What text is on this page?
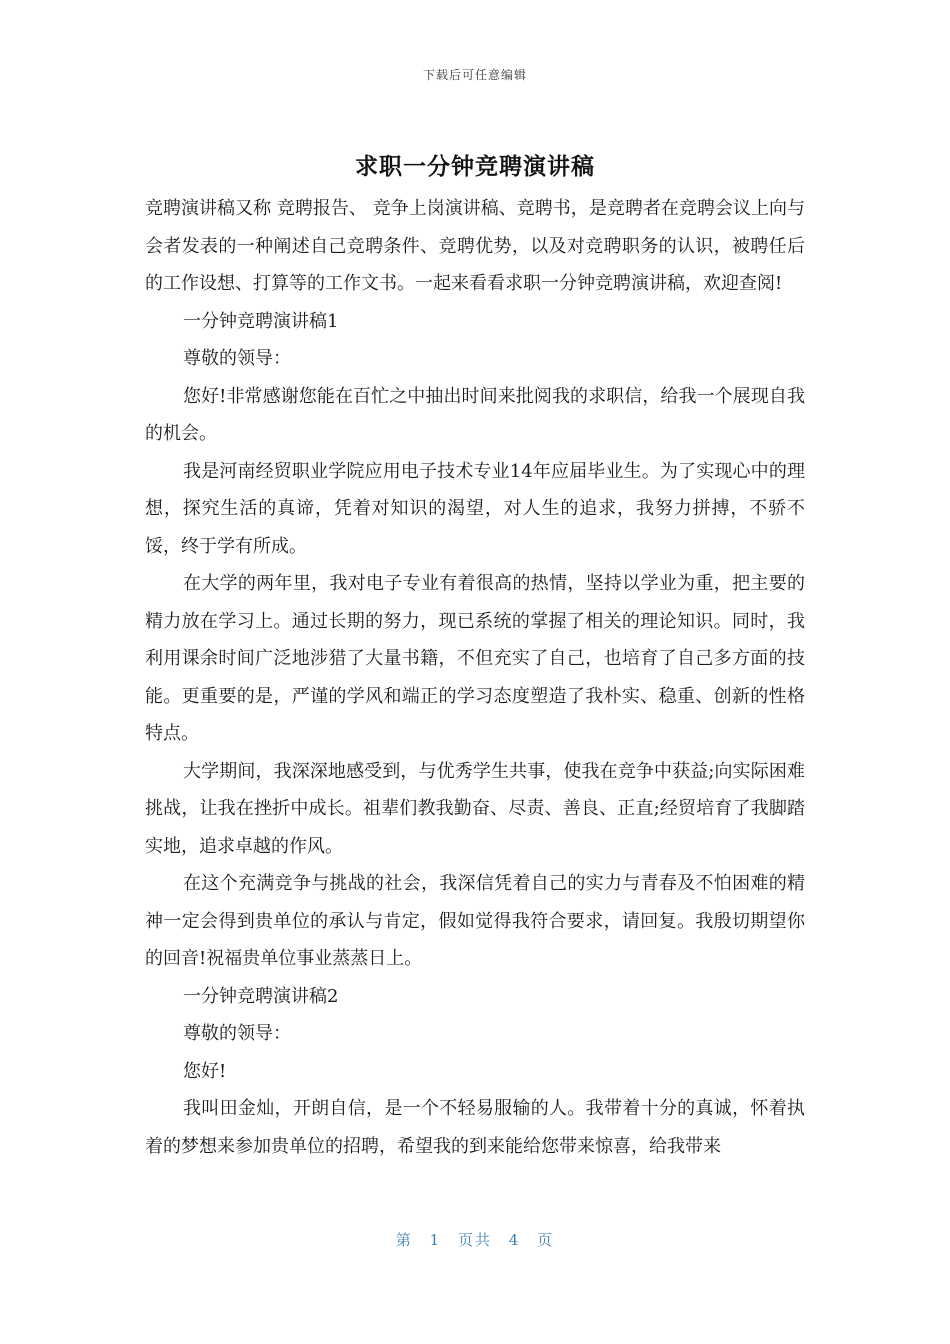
下载后可任意编辑
求职一分钟竞聘演讲稿

竞聘演讲稿又称 竞聘报告、 竞争上岗演讲稿、竞聘书，是竞聘者在竞聘会议上向与会者发表的一种阐述自己竞聘条件、竞聘优势，以及对竞聘职务的认识，被聘任后的工作设想、打算等的工作文书。一起来看看求职一分钟竞聘演讲稿，欢迎查阅!

一分钟竞聘演讲稿1

尊敬的领导：

您好!非常感谢您能在百忙之中抽出时间来批阅我的求职信，给我一个展现自我的机会。

我是河南经贸职业学院应用电子技术专业14年应届毕业生。为了实现心中的理想，探究生活的真谛，凭着对知识的渴望，对人生的追求，我努力拼搏，不骄不馁，终于学有所成。

在大学的两年里，我对电子专业有着很高的热情，坚持以学业为重，把主要的精力放在学习上。通过长期的努力，现已系统的掌握了相关的理论知识。同时，我利用课余时间广泛地涉猎了大量书籍，不但充实了自己，也培育了自己多方面的技能。更重要的是，严谨的学风和端正的学习态度塑造了我朴实、稳重、创新的性格特点。

大学期间，我深深地感受到，与优秀学生共事，使我在竞争中获益;向实际困难挑战，让我在挫折中成长。祖辈们教我勤奋、尽责、善良、正直;经贸培育了我脚踏实地，追求卓越的作风。

在这个充满竞争与挑战的社会，我深信凭着自己的实力与青春及不怕困难的精神一定会得到贵单位的承认与肯定，假如觉得我符合要求，请回复。我殷切期望你的回音!祝福贵单位事业蒸蒸日上。

一分钟竞聘演讲稿2

尊敬的领导：

您好!

我叫田金灿，开朗自信，是一个不轻易服输的人。我带着十分的真诚，怀着执着的梦想来参加贵单位的招聘，希望我的到来能给您带来惊喜，给我带来

第 1 页共 4 页
